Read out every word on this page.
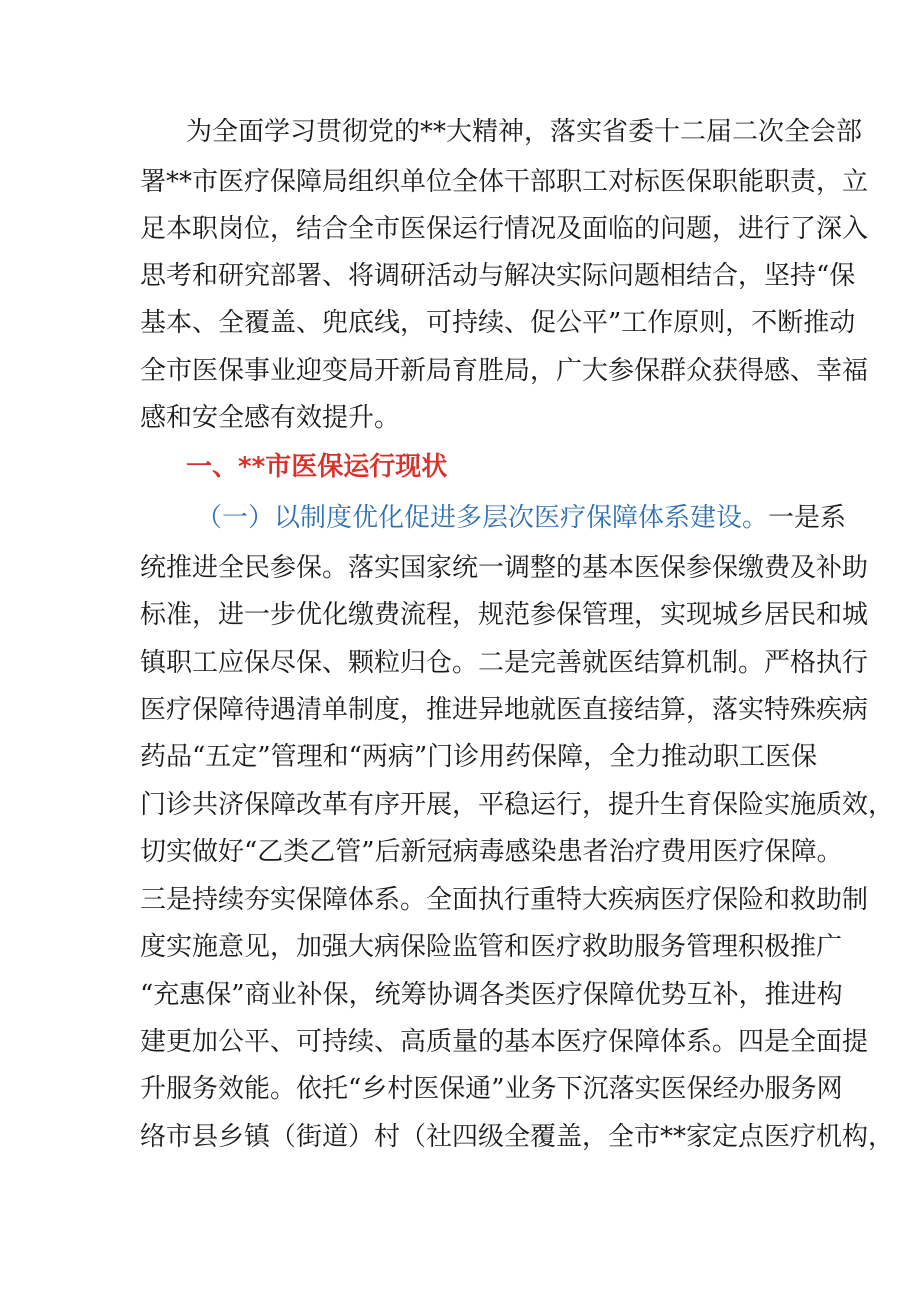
为全面学习贯彻党的**大精神，落实省委十二届二次全会部
署**市医疗保障局组织单位全体干部职工对标医保职能职责，立
足本职岗位，结合全市医保运行情况及面临的问题，进行了深入
思考和研究部署、将调研活动与解决实际问题相结合，坚持“保
基本、全覆盖、兜底线，可持续、促公平”工作原则，不断推动
全市医保事业迎变局开新局育胜局，广大参保群众获得感、幸福
感和安全感有效提升。
一、**市医保运行现状
（一）以制度优化促进多层次医疗保障体系建设。一是系
统推进全民参保。落实国家统一调整的基本医保参保缴费及补助
标准，进一步优化缴费流程，规范参保管理，实现城乡居民和城
镇职工应保尽保、颗粒归仓。二是完善就医结算机制。严格执行
医疗保障待遇清单制度，推进异地就医直接结算，落实特殊疾病
药品“五定”管理和“两病”门诊用药保障，全力推动职工医保
门诊共济保障改革有序开展，平稳运行，提升生育保险实施质效，
切实做好“乙类乙管”后新冠病毒感染患者治疗费用医疗保障。
三是持续夯实保障体系。全面执行重特大疾病医疗保险和救助制
度实施意见，加强大病保险监管和医疗救助服务管理积极推广
“充惠保”商业补保，统筹协调各类医疗保障优势互补，推进构
建更加公平、可持续、高质量的基本医疗保障体系。四是全面提
升服务效能。依托“乡村医保通”业务下沉落实医保经办服务网
络市县乡镇（街道）村（社四级全覆盖，全市**家定点医疗机构，
